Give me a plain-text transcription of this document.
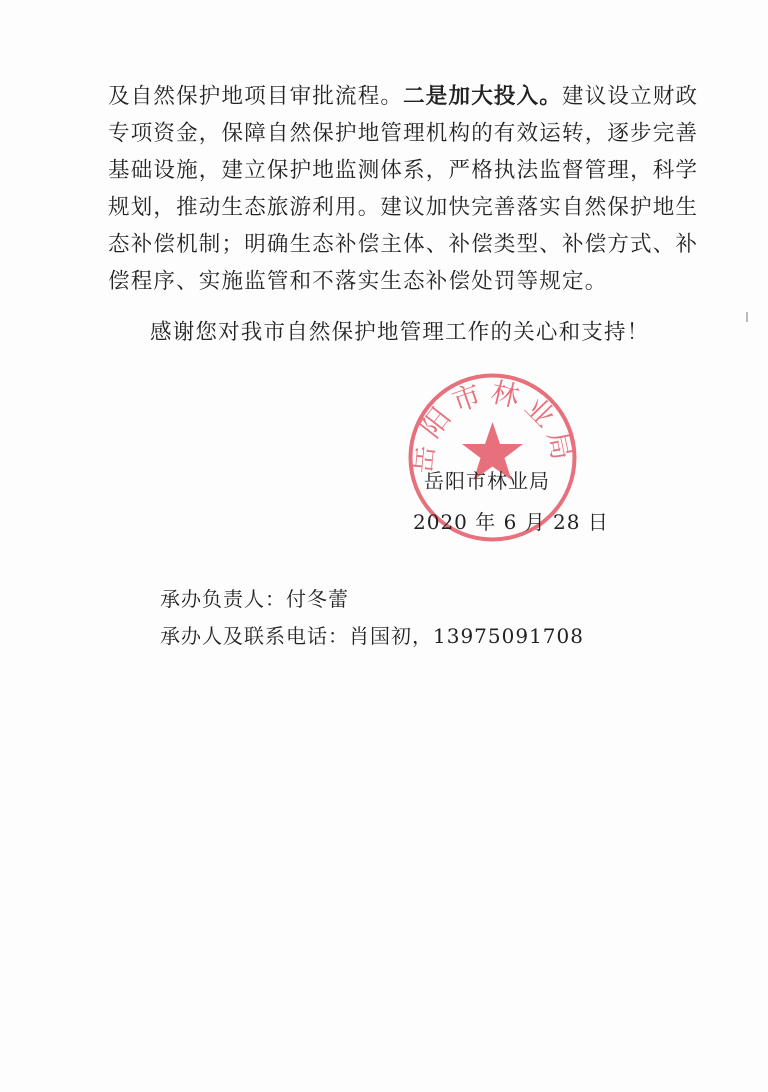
及自然保护地项目审批流程。二是加大投入。建议设立财政
专项资金，保障自然保护地管理机构的有效运转，逐步完善
基础设施，建立保护地监测体系，严格执法监督管理，科学
规划，推动生态旅游利用。建议加快完善落实自然保护地生
态补偿机制；明确生态补偿主体、补偿类型、补偿方式、补
偿程序、实施监管和不落实生态补偿处罚等规定。
感谢您对我市自然保护地管理工作的关心和支持！
岳阳市林业局
岳阳市林业局
2020 年 6 月 28 日
承办负责人：付冬蕾
承办人及联系电话：肖国初，13975091708
